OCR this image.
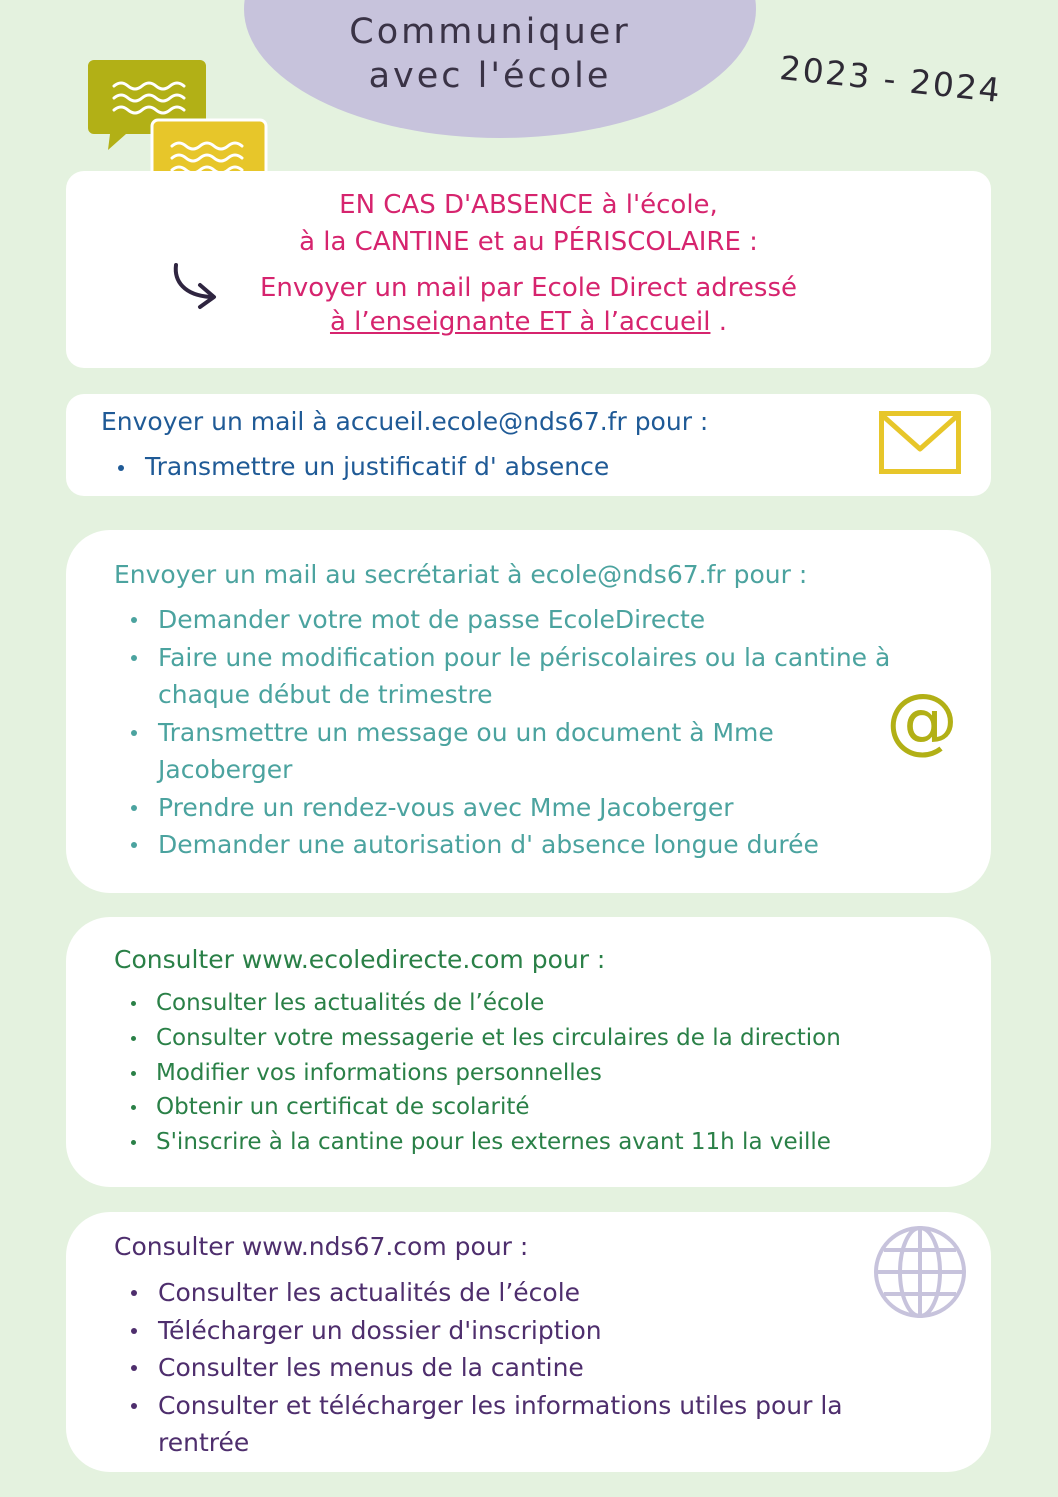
Communiquer
avec l'école	2023 - 2024
EN CAS D'ABSENCE à l'école,
à la CANTINE et au PÉRISCOLAIRE :
Envoyer un mail par Ecole Direct adressé
à l’enseignante ET à l’accueil .
Envoyer un mail à accueil.ecole@nds67.fr pour :
Transmettre un justificatif d' absence
Envoyer un mail au secrétariat à ecole@nds67.fr pour :
Demander votre mot de passe EcoleDirecte
Faire une modification pour le périscolaires ou la cantine à chaque début de trimestre
Transmettre un message ou un document à Mme Jacoberger
Prendre un rendez-vous avec Mme Jacoberger
Demander une autorisation d' absence longue durée
@
Consulter www.ecoledirecte.com pour :
Consulter les actualités de l’école
Consulter votre messagerie et les circulaires de la direction
Modifier vos informations personnelles
Obtenir un certificat de scolarité
S'inscrire à la cantine pour les externes avant 11h la veille
Consulter www.nds67.com pour :
Consulter les actualités de l’école
Télécharger un dossier d'inscription
Consulter les menus de la cantine
Consulter et télécharger les informations utiles pour la rentrée
